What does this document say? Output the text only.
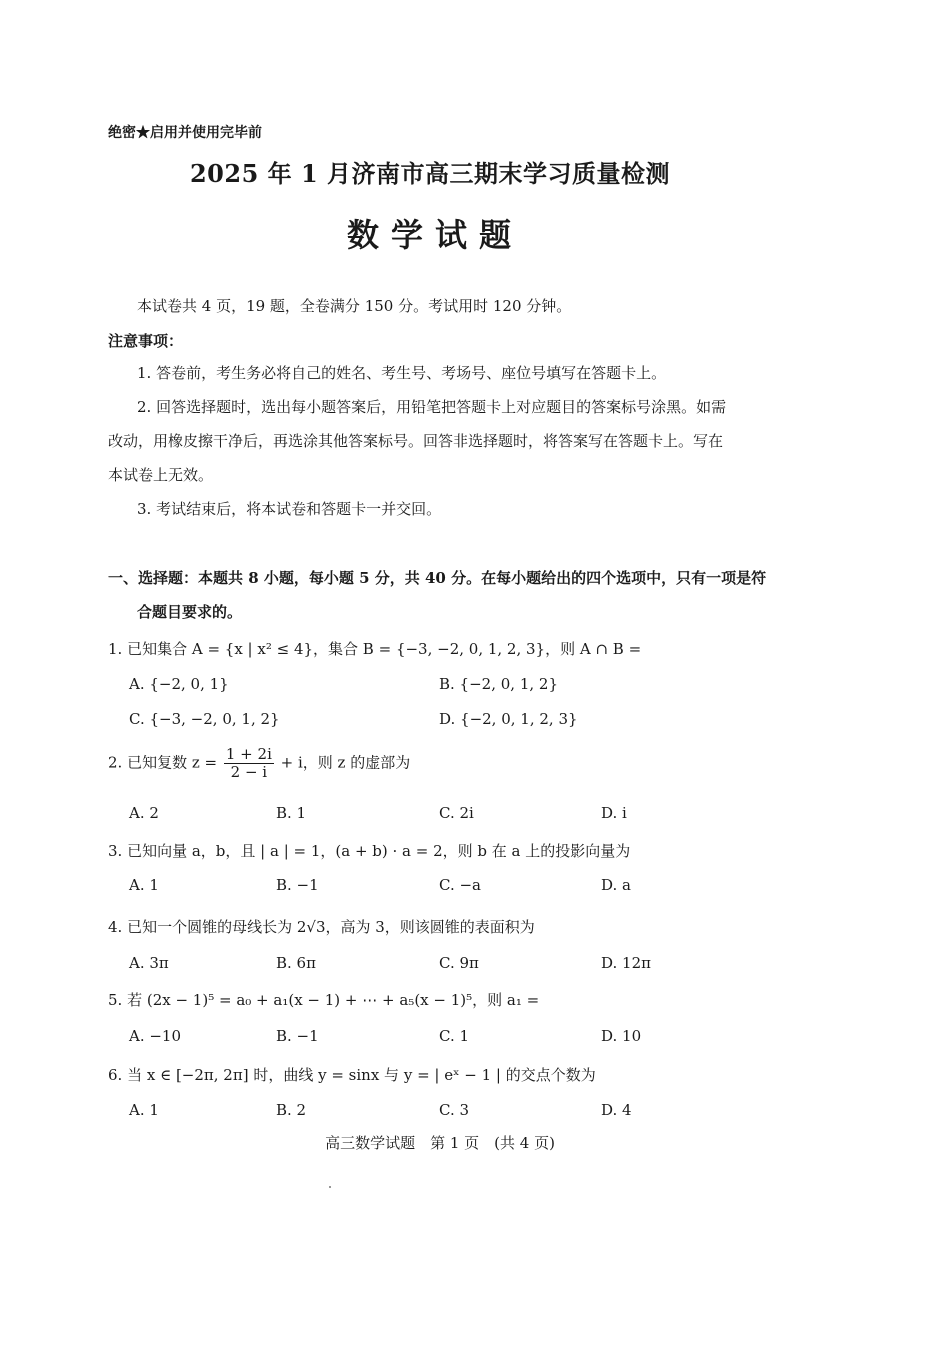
绝密★启用并使用完毕前
2025 年 1 月济南市高三期末学习质量检测
数学试题
本试卷共 4 页，19 题，全卷满分 150 分。考试用时 120 分钟。
注意事项：
1. 答卷前，考生务必将自己的姓名、考生号、考场号、座位号填写在答题卡上。
2. 回答选择题时，选出每小题答案后，用铅笔把答题卡上对应题目的答案标号涂黑。如需
改动，用橡皮擦干净后，再选涂其他答案标号。回答非选择题时，将答案写在答题卡上。写在
本试卷上无效。
3. 考试结束后，将本试卷和答题卡一并交回。
一、选择题：本题共 8 小题，每小题 5 分，共 40 分。在每小题给出的四个选项中，只有一项是符
合题目要求的。
1. 已知集合 A = {x | x² ≤ 4}，集合 B = {−3, −2, 0, 1, 2, 3}，则 A ∩ B =
A. {−2, 0, 1}	B. {−2, 0, 1, 2}
C. {−3, −2, 0, 1, 2}	D. {−2, 0, 1, 2, 3}
2. 已知复数 $z = \frac{1 + 2i}{2 - i} + i$，则 z 的虚部为
A. 2	B. 1	C. 2i	D. i
3. 已知向量 a，b，且 | a | = 1，(a + b) · a = 2，则 b 在 a 上的投影向量为
A. 1	B. −1	C. −a	D. a
4. 已知一个圆锥的母线长为 2√3，高为 3，则该圆锥的表面积为
A. 3π	B. 6π	C. 9π	D. 12π
5. 若 (2x − 1)⁵ = a₀ + a₁(x − 1) + ⋯ + a₅(x − 1)⁵，则 a₁ =
A. −10	B. −1	C. 1	D. 10
6. 当 x ∈ [−2π, 2π] 时，曲线 y = sinx 与 y = | eˣ − 1 | 的交点个数为
A. 1	B. 2	C. 3	D. 4
高三数学试题　第 1 页　(共 4 页)
